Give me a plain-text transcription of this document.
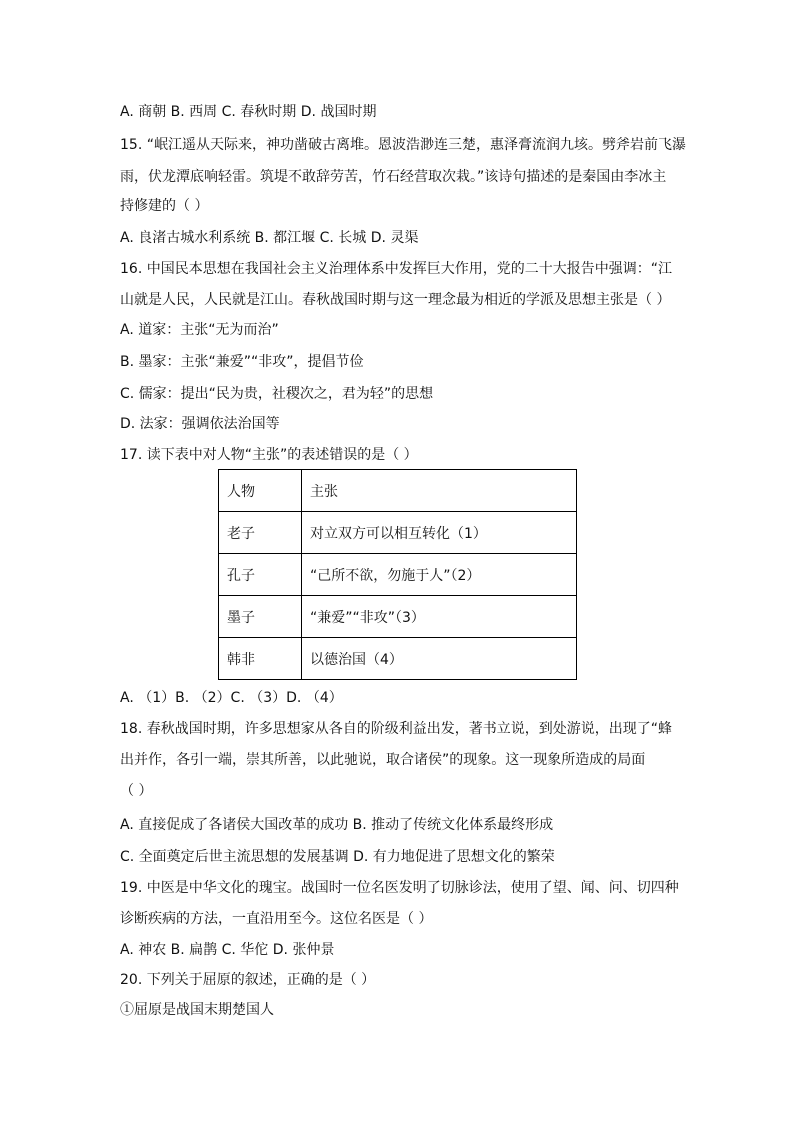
A. 商朝 B. 西周 C. 春秋时期 D. 战国时期
15. “岷江遥从天际来，神功凿破古离堆。恩波浩渺连三楚，惠泽膏流润九垓。劈斧岩前飞瀑
雨，伏龙潭底响轻雷。筑堤不敢辞劳苦，竹石经营取次栽。”该诗句描述的是秦国由李冰主
持修建的（ ）
A. 良渚古城水利系统 B. 都江堰 C. 长城 D. 灵渠
16. 中国民本思想在我国社会主义治理体系中发挥巨大作用，党的二十大报告中强调：“江
山就是人民，人民就是江山。春秋战国时期与这一理念最为相近的学派及思想主张是（ ）
A. 道家：主张“无为而治”
B. 墨家：主张“兼爱”“非攻”，提倡节俭
C. 儒家：提出“民为贵，社稷次之，君为轻”的思想
D. 法家：强调依法治国等
17. 读下表中对人物“主张”的表述错误的是（ ）
人物	主张
老子	对立双方可以相互转化（1）
孔子	“己所不欲，勿施于人”（2）
墨子	“兼爱”“非攻”（3）
韩非	以德治国（4）
A. （1）B. （2）C. （3）D. （4）
18. 春秋战国时期，许多思想家从各自的阶级利益出发，著书立说，到处游说，出现了“蜂
出并作，各引一端，崇其所善，以此驰说，取合诸侯”的现象。这一现象所造成的局面
（ ）
A. 直接促成了各诸侯大国改革的成功 B. 推动了传统文化体系最终形成
C. 全面奠定后世主流思想的发展基调 D. 有力地促进了思想文化的繁荣
19. 中医是中华文化的瑰宝。战国时一位名医发明了切脉诊法，使用了望、闻、问、切四种
诊断疾病的方法，一直沿用至今。这位名医是（ ）
A. 神农 B. 扁鹊 C. 华佗 D. 张仲景
20. 下列关于屈原的叙述，正确的是（ ）
①屈原是战国末期楚国人
